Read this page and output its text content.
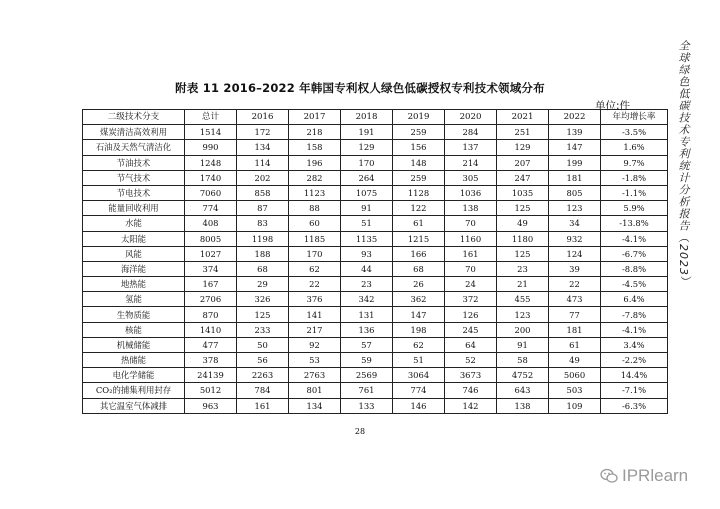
全球绿色低碳技术专利统计分析报告（2023）
附表 11 2016–2022 年韩国专利权人绿色低碳授权专利技术领域分布
单位:件
二级技术分支	总计	2016	2017	2018	2019	2020	2021	2022	年均增长率
煤炭清洁高效利用	1514	172	218	191	259	284	251	139	-3.5%
石油及天然气清洁化	990	134	158	129	156	137	129	147	1.6%
节油技术	1248	114	196	170	148	214	207	199	9.7%
节气技术	1740	202	282	264	259	305	247	181	-1.8%
节电技术	7060	858	1123	1075	1128	1036	1035	805	-1.1%
能量回收利用	774	87	88	91	122	138	125	123	5.9%
水能	408	83	60	51	61	70	49	34	-13.8%
太阳能	8005	1198	1185	1135	1215	1160	1180	932	-4.1%
风能	1027	188	170	93	166	161	125	124	-6.7%
海洋能	374	68	62	44	68	70	23	39	-8.8%
地热能	167	29	22	23	26	24	21	22	-4.5%
氢能	2706	326	376	342	362	372	455	473	6.4%
生物质能	870	125	141	131	147	126	123	77	-7.8%
核能	1410	233	217	136	198	245	200	181	-4.1%
机械储能	477	50	92	57	62	64	91	61	3.4%
热储能	378	56	53	59	51	52	58	49	-2.2%
电化学储能	24139	2263	2763	2569	3064	3673	4752	5060	14.4%
CO₂的捕集利用封存	5012	784	801	761	774	746	643	503	-7.1%
其它温室气体减排	963	161	134	133	146	142	138	109	-6.3%
28
IPRlearn
